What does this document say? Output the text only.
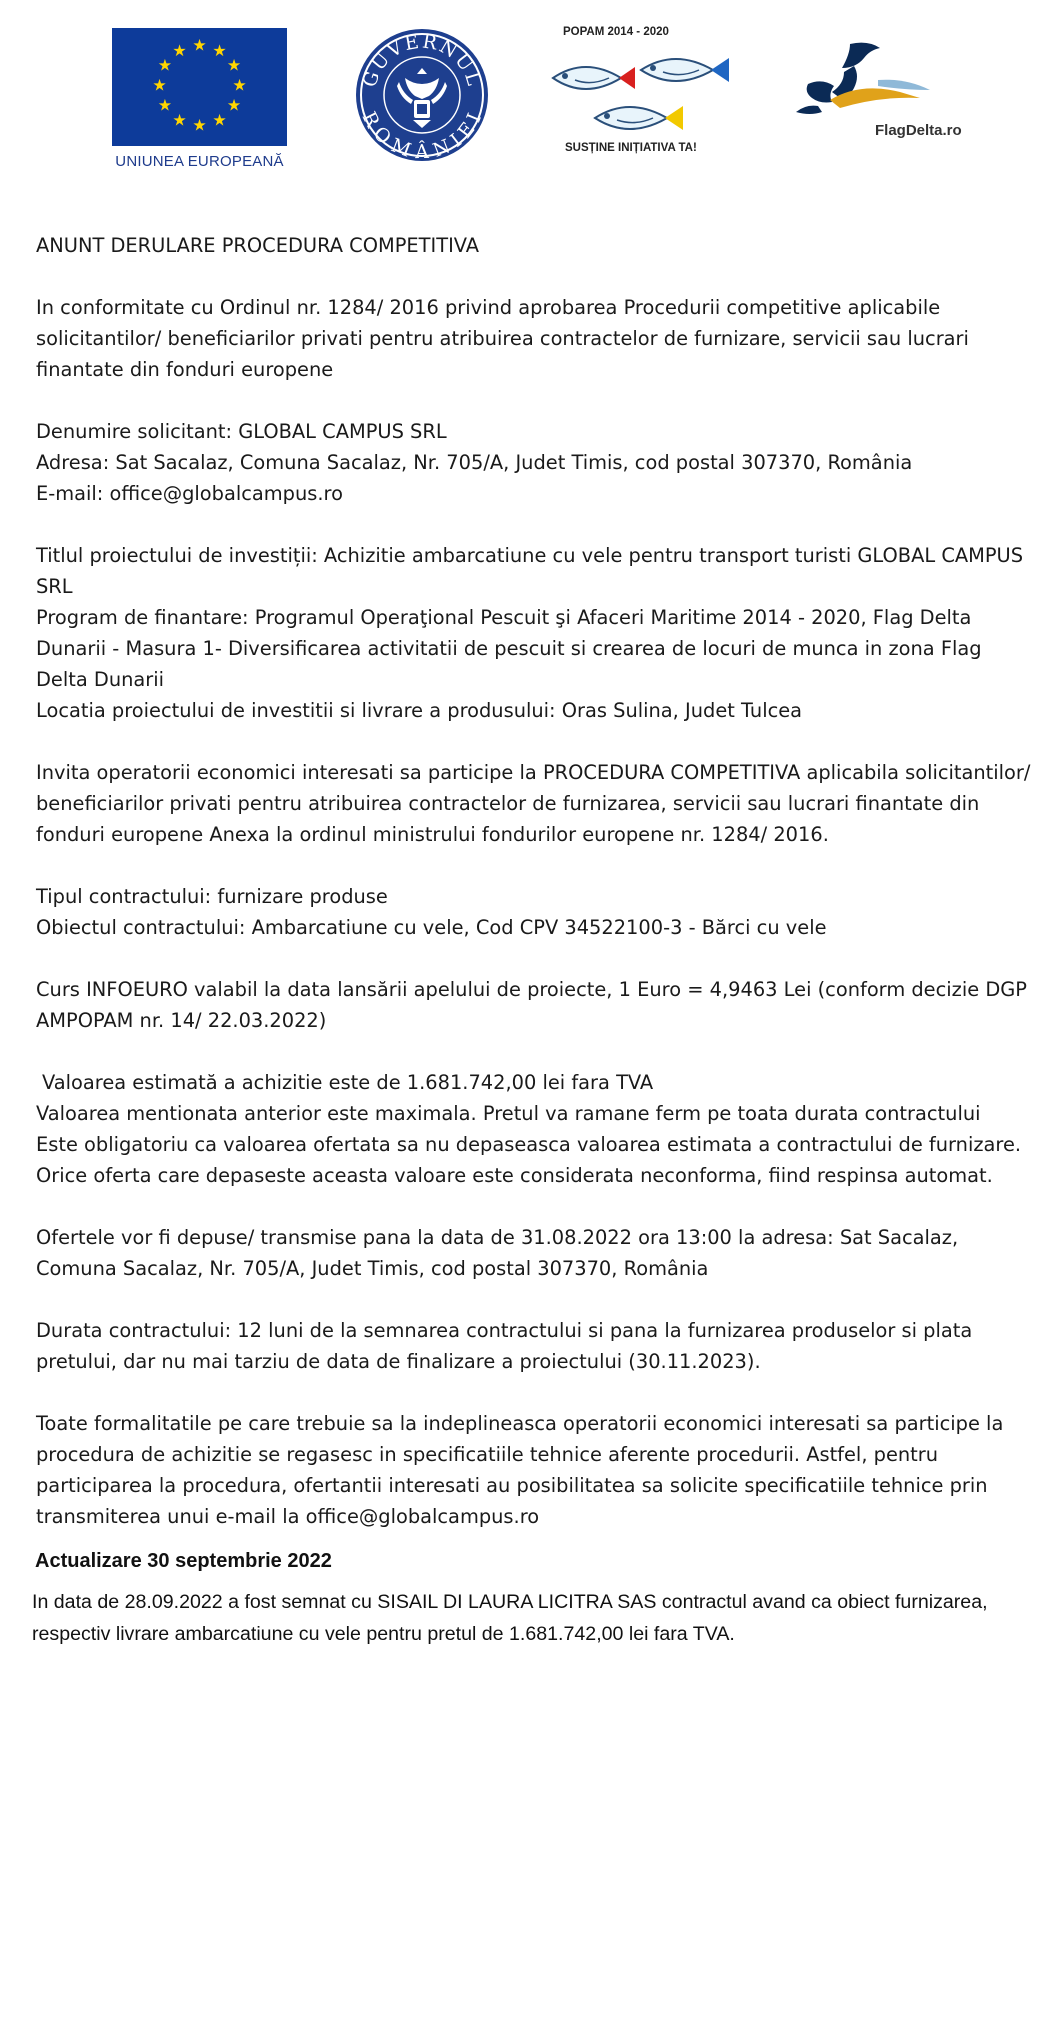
★ ★
★
★
★
★
★
★
★
★
★
★
UNIUNEA EUROPEANĂ
GUVERNUL
ROMÂNIEI
POPAM 2014 - 2020
SUSȚINE INIȚIATIVA TA!
FlagDelta.ro

ANUNT DERULARE PROCEDURA COMPETITIVA

In conformitate cu Ordinul nr. 1284/ 2016 privind aprobarea Procedurii competitive aplicabile solicitantilor/ beneficiarilor privati pentru atribuirea contractelor de furnizare, servicii sau lucrari finantate din fonduri europene

Denumire solicitant: GLOBAL CAMPUS SRL

Adresa: Sat Sacalaz, Comuna Sacalaz, Nr. 705/A, Judet Timis, cod postal 307370, România

E-mail: office@globalcampus.ro

Titlul proiectului de investiții: Achizitie ambarcatiune cu vele pentru transport turisti GLOBAL CAMPUS SRL

Program de finantare: Programul Operaţional Pescuit şi Afaceri Maritime 2014 - 2020, Flag Delta Dunarii - Masura 1- Diversificarea activitatii de pescuit si crearea de locuri de munca in zona Flag Delta Dunarii

Locatia proiectului de investitii si livrare a produsului: Oras Sulina, Judet Tulcea

Invita operatorii economici interesati sa participe la PROCEDURA COMPETITIVA aplicabila solicitantilor/ beneficiarilor privati pentru atribuirea contractelor de furnizarea, servicii sau lucrari finantate din fonduri europene Anexa la ordinul ministrului fondurilor europene nr. 1284/ 2016.

Tipul contractului: furnizare produse

Obiectul contractului: Ambarcatiune cu vele, Cod CPV 34522100-3 - Bărci cu vele

Curs INFOEURO valabil la data lansării apelului de proiecte, 1 Euro = 4,9463 Lei (conform decizie DGP AMPOPAM nr. 14/ 22.03.2022)

Valoarea estimată a achizitie este de 1.681.742,00 lei fara TVA

Valoarea mentionata anterior este maximala. Pretul va ramane ferm pe toata durata contractului

Este obligatoriu ca valoarea ofertata sa nu depaseasca valoarea estimata a contractului de furnizare. Orice oferta care depaseste aceasta valoare este considerata neconforma, fiind respinsa automat.

Ofertele vor fi depuse/ transmise pana la data de 31.08.2022 ora 13:00 la adresa: Sat Sacalaz, Comuna Sacalaz, Nr. 705/A, Judet Timis, cod postal 307370, România

Durata contractului: 12 luni de la semnarea contractului si pana la furnizarea produselor si plata pretului, dar nu mai tarziu de data de finalizare a proiectului (30.11.2023).

Toate formalitatile pe care trebuie sa la indeplineasca operatorii economici interesati sa participe la procedura de achizitie se regasesc in specificatiile tehnice aferente procedurii. Astfel, pentru participarea la procedura, ofertantii interesati au posibilitatea sa solicite specificatiile tehnice prin transmiterea unui e-mail la office@globalcampus.ro

Actualizare 30 septembrie 2022
In data de 28.09.2022 a fost semnat cu SISAIL DI LAURA LICITRA SAS contractul avand ca obiect furnizarea, respectiv livrare ambarcatiune cu vele pentru pretul de 1.681.742,00 lei fara TVA.
